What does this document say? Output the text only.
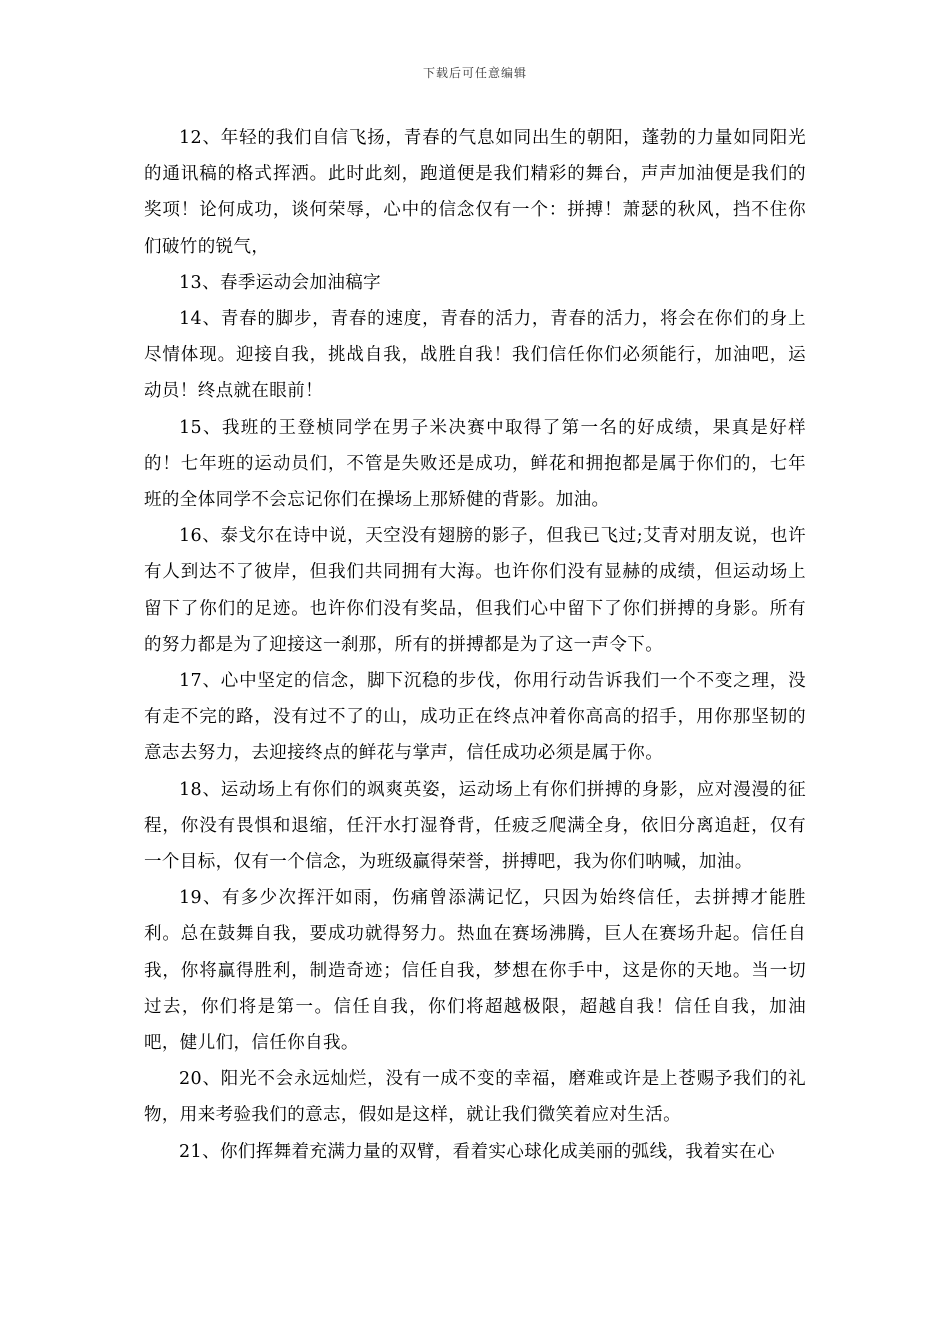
下载后可任意编辑

12、年轻的我们自信飞扬，青春的气息如同出生的朝阳，蓬勃的力量如同阳光的通讯稿的格式挥洒。此时此刻，跑道便是我们精彩的舞台，声声加油便是我们的奖项！论何成功，谈何荣辱，心中的信念仅有一个：拼搏！萧瑟的秋风，挡不住你们破竹的锐气，

13、春季运动会加油稿字

14、青春的脚步，青春的速度，青春的活力，青春的活力，将会在你们的身上尽情体现。迎接自我，挑战自我，战胜自我！我们信任你们必须能行，加油吧，运动员！终点就在眼前！

15、我班的王登桢同学在男子米决赛中取得了第一名的好成绩，果真是好样的！七年班的运动员们，不管是失败还是成功，鲜花和拥抱都是属于你们的，七年班的全体同学不会忘记你们在操场上那矫健的背影。加油。

16、泰戈尔在诗中说，天空没有翅膀的影子，但我已飞过;艾青对朋友说，也许有人到达不了彼岸，但我们共同拥有大海。也许你们没有显赫的成绩，但运动场上留下了你们的足迹。也许你们没有奖品，但我们心中留下了你们拼搏的身影。所有的努力都是为了迎接这一刹那，所有的拼搏都是为了这一声令下。

17、心中坚定的信念，脚下沉稳的步伐，你用行动告诉我们一个不变之理，没有走不完的路，没有过不了的山，成功正在终点冲着你高高的招手，用你那坚韧的意志去努力，去迎接终点的鲜花与掌声，信任成功必须是属于你。

18、运动场上有你们的飒爽英姿，运动场上有你们拼搏的身影，应对漫漫的征程，你没有畏惧和退缩，任汗水打湿脊背，任疲乏爬满全身，依旧分离追赶，仅有一个目标，仅有一个信念，为班级赢得荣誉，拼搏吧，我为你们呐喊，加油。

19、有多少次挥汗如雨，伤痛曾添满记忆，只因为始终信任，去拼搏才能胜利。总在鼓舞自我，要成功就得努力。热血在赛场沸腾，巨人在赛场升起。信任自我，你将赢得胜利，制造奇迹；信任自我，梦想在你手中，这是你的天地。当一切过去，你们将是第一。信任自我，你们将超越极限，超越自我！信任自我，加油吧，健儿们，信任你自我。

20、阳光不会永远灿烂，没有一成不变的幸福，磨难或许是上苍赐予我们的礼物，用来考验我们的意志，假如是这样，就让我们微笑着应对生活。

21、你们挥舞着充满力量的双臂，看着实心球化成美丽的弧线，我着实在心
